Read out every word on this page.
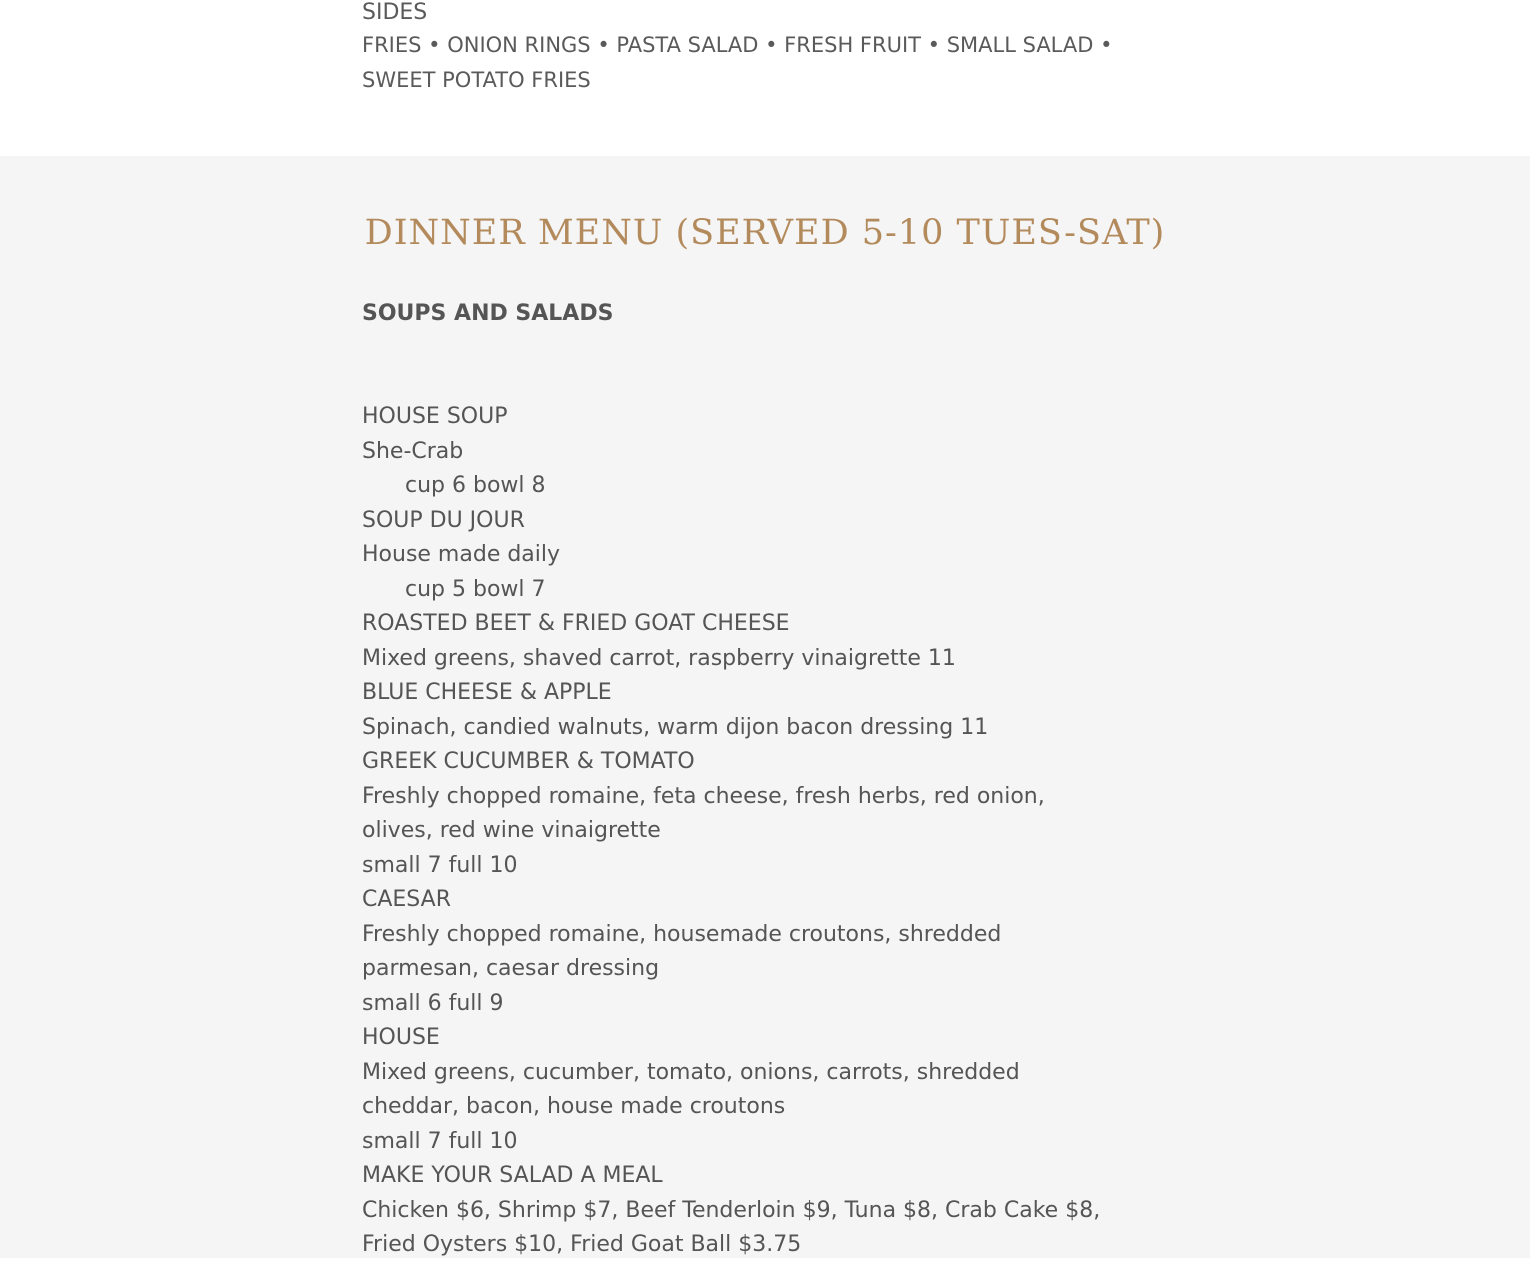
SIDES

FRIES • ONION RINGS • PASTA SALAD • FRESH FRUIT • SMALL SALAD • SWEET POTATO FRIES

DINNER MENU (SERVED 5-10 TUES-SAT)

SOUPS AND SALADS

HOUSE SOUP

She-Crab

cup 6 bowl 8

SOUP DU JOUR

House made daily

cup 5 bowl 7

ROASTED BEET & FRIED GOAT CHEESE

Mixed greens, shaved carrot, raspberry vinaigrette 11

BLUE CHEESE & APPLE

Spinach, candied walnuts, warm dijon bacon dressing 11

GREEK CUCUMBER & TOMATO

Freshly chopped romaine, feta cheese, fresh herbs, red onion, olives, red wine vinaigrette

small 7 full 10

CAESAR

Freshly chopped romaine, housemade croutons, shredded parmesan, caesar dressing

small 6 full 9

HOUSE

Mixed greens, cucumber, tomato, onions, carrots, shredded cheddar, bacon, house made croutons

small 7 full 10

MAKE YOUR SALAD A MEAL

Chicken $6, Shrimp $7, Beef Tenderloin $9, Tuna $8, Crab Cake $8, Fried Oysters $10, Fried Goat Ball $3.75
